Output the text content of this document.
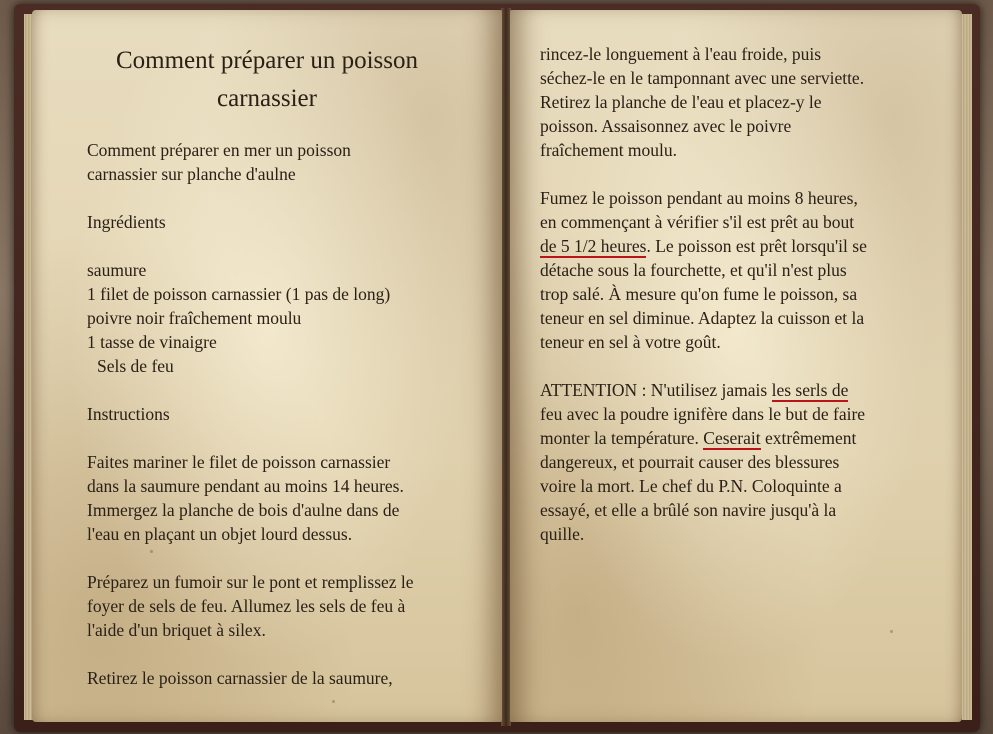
Comment préparer un poisson
carnassier
Comment préparer en mer un poisson
carnassier sur planche d'aulne
Ingrédients
saumure
1 filet de poisson carnassier (1 pas de long)
poivre noir fraîchement moulu
1 tasse de vinaigre
Sels de feu
Instructions
Faites mariner le filet de poisson carnassier
dans la saumure pendant au moins 14 heures.
Immergez la planche de bois d'aulne dans de
l'eau en plaçant un objet lourd dessus.
Préparez un fumoir sur le pont et remplissez le
foyer de sels de feu. Allumez les sels de feu à
l'aide d'un briquet à silex.
Retirez le poisson carnassier de la saumure,
rincez-le longuement à l'eau froide, puis
séchez-le en le tamponnant avec une serviette.
Retirez la planche de l'eau et placez-y le
poisson. Assaisonnez avec le poivre
fraîchement moulu.
Fumez le poisson pendant au moins 8 heures,
en commençant à vérifier s'il est prêt au bout
de 5 1/2 heures. Le poisson est prêt lorsqu'il se
détache sous la fourchette, et qu'il n'est plus
trop salé. À mesure qu'on fume le poisson, sa
teneur en sel diminue. Adaptez la cuisson et la
teneur en sel à votre goût.
ATTENTION : N'utilisez jamais les serls de
feu avec la poudre ignifère dans le but de faire
monter la température. Ceserait extrêmement
dangereux, et pourrait causer des blessures
voire la mort. Le chef du P.N. Coloquinte a
essayé, et elle a brûlé son navire jusqu'à la
quille.
